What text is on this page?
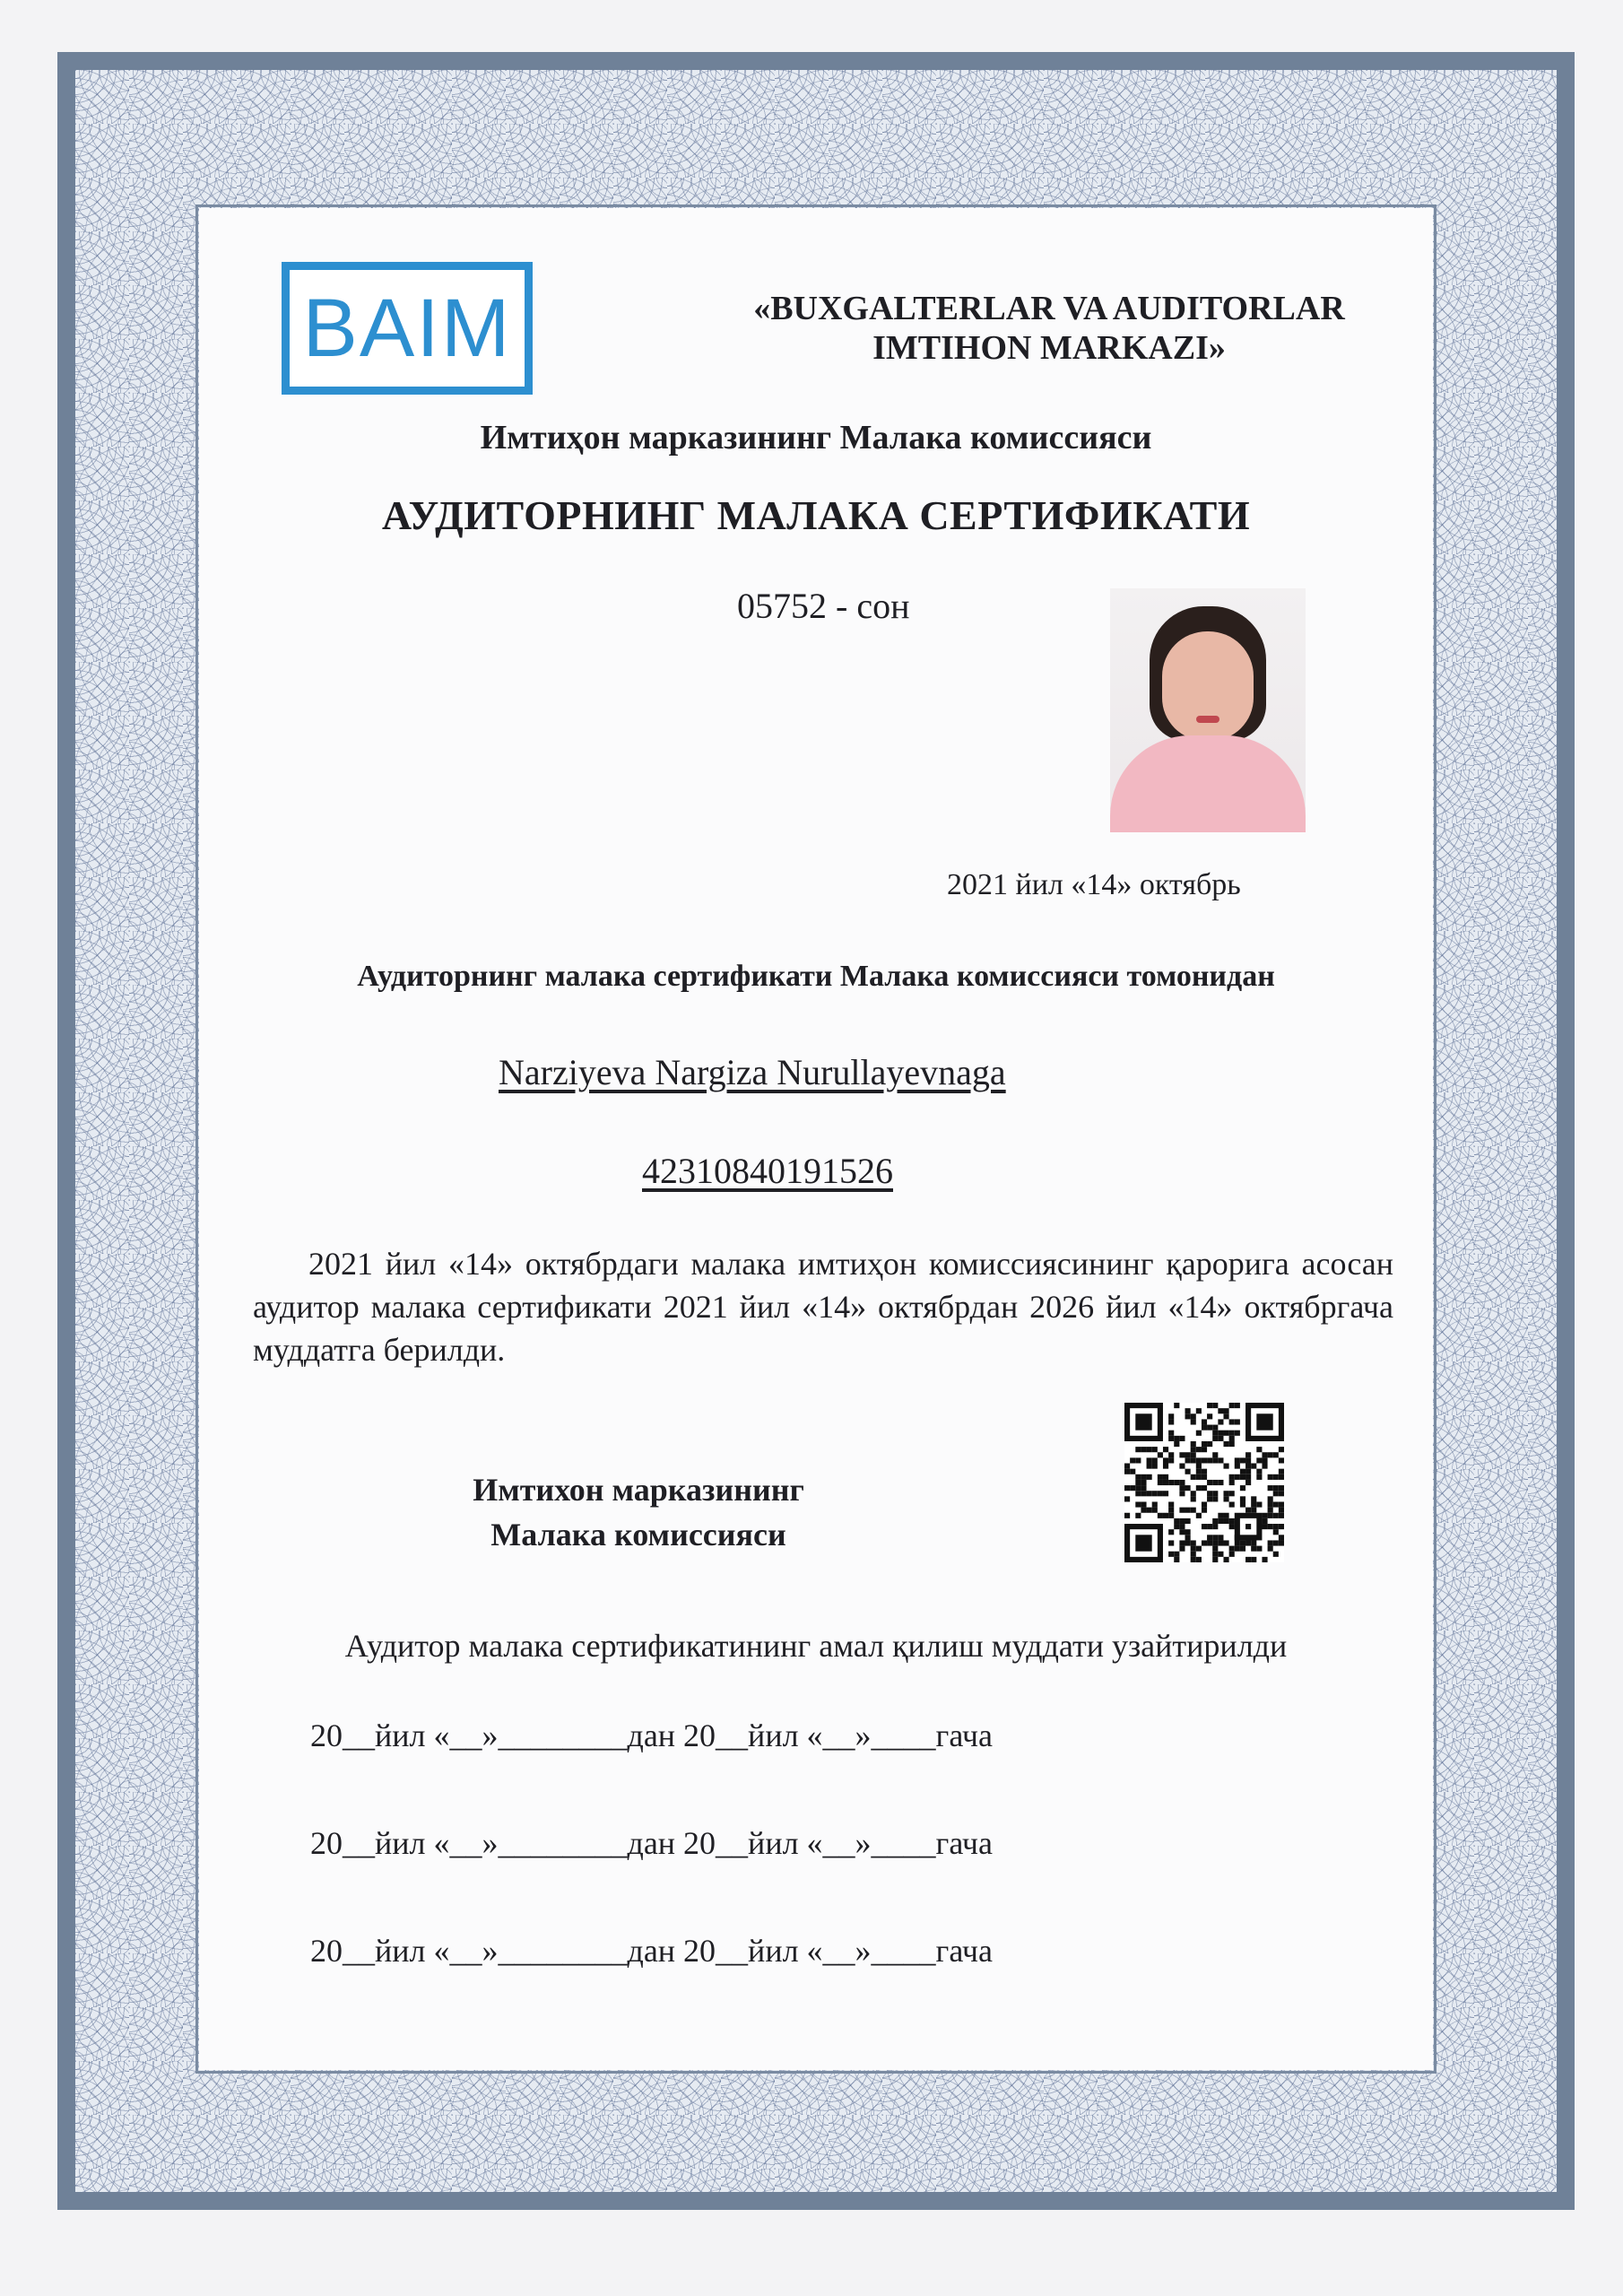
BAIM	«BUXGALTERLAR VA AUDITORLAR
IMTIHON MARKAZI»
Имтиҳон марказининг Малака комиссияси
АУДИТОРНИНГ МАЛАКА СЕРТИФИКАТИ
05752 - сон
2021 йил «14» октябрь
Аудиторнинг малака сертификати Малака комиссияси томонидан
Narziyeva Nargiza Nurullayevnaga
42310840191526
2021 йил «14» октябрдаги малака имтиҳон комиссиясининг қарорига асосан аудитор малака сертификати 2021 йил «14» октябрдан 2026 йил «14» октябргача муддатга берилди.
Имтихон марказининг
Малака комиссияси
Аудитор малака сертификатининг амал қилиш муддати узайтирилди
20__йил «__»________дан 20__йил «__»____гача
20__йил «__»________дан 20__йил «__»____гача
20__йил «__»________дан 20__йил «__»____гача
